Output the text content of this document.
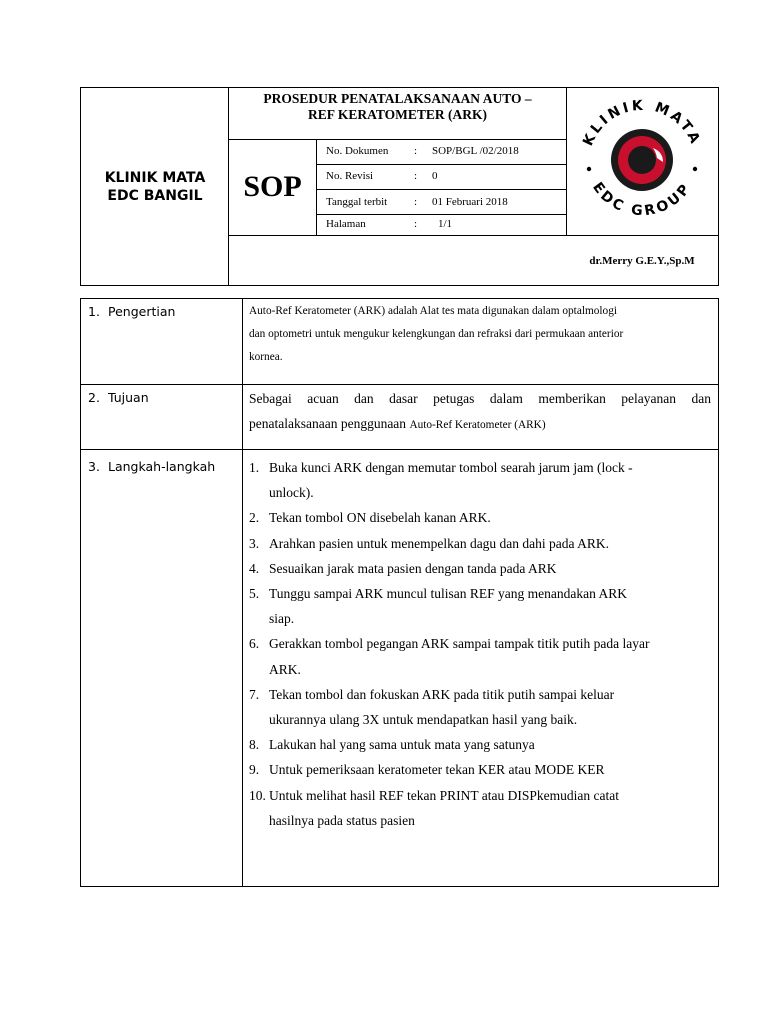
KLINIK MATA
EDC BANGIL
PROSEDUR PENATALAKSANAAN AUTO –
REF KERATOMETER (ARK)
SOP
No. Dokumen : SOP/BGL /02/2018
No. Revisi	: 0
Tanggal terbit : 01 Februari 2018
Halaman	: 1/1
KLINIK MATA
EDC GROUP
dr.Merry G.E.Y.,Sp.M
1. Pengertian	Auto-Ref Keratometer (ARK) adalah Alat tes mata digunakan dalam optalmologi
dan optometri untuk mengukur kelengkungan dan refraksi dari permukaan anterior
kornea.
2. Tujuan	Sebagai acuan dan dasar petugas dalam memberikan pelayanan dan
penatalaksanaan penggunaan Auto-Ref Keratometer (ARK)
3. Langkah-langkah	1. Buka kunci ARK dengan memutar tombol searah jarum jam (lock -
unlock).
2. Tekan tombol ON disebelah kanan ARK.
3. Arahkan pasien untuk menempelkan dagu dan dahi pada ARK.
4. Sesuaikan jarak mata pasien dengan tanda pada ARK
5. Tunggu sampai ARK muncul tulisan REF yang menandakan ARK
siap.
6. Gerakkan tombol pegangan ARK sampai tampak titik putih pada layar
ARK.
7. Tekan tombol dan fokuskan ARK pada titik putih sampai keluar
ukurannya ulang 3X untuk mendapatkan hasil yang baik.
8. Lakukan hal yang sama untuk mata yang satunya
9. Untuk pemeriksaan keratometer tekan KER atau MODE KER
10. Untuk melihat hasil REF tekan PRINT atau DISPkemudian catat
hasilnya pada status pasien
